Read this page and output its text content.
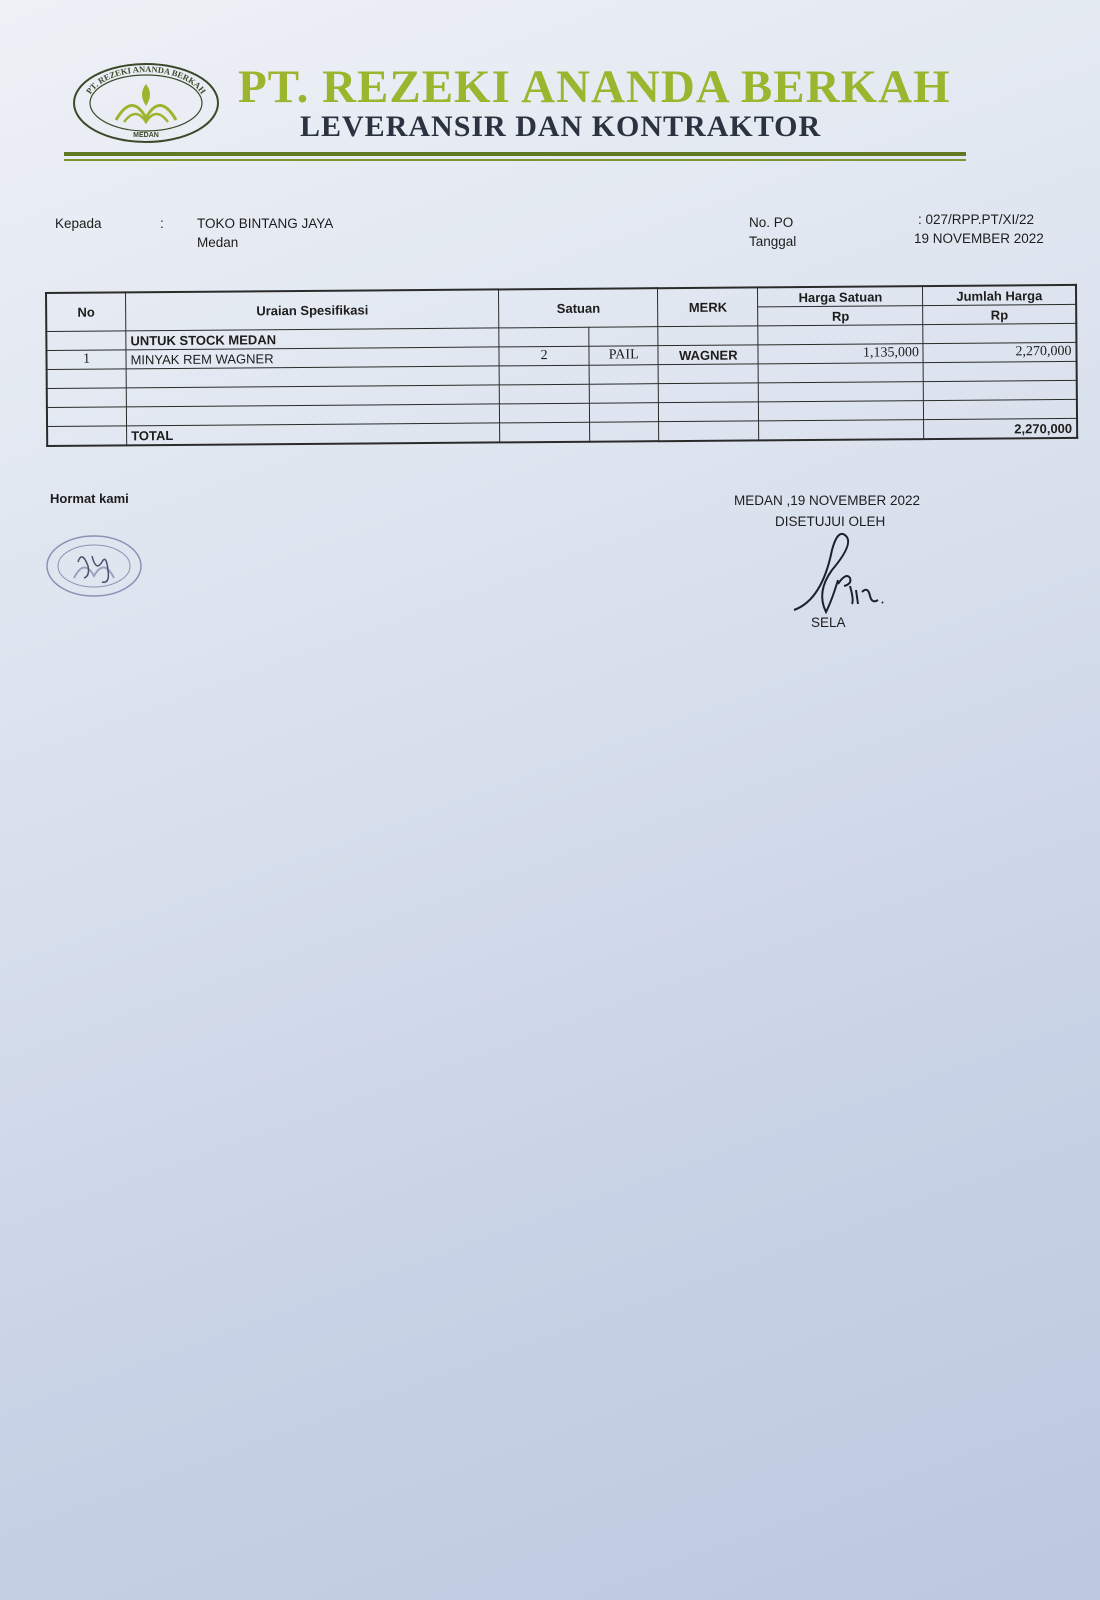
PT. REZEKI ANANDA BERKAH
MEDAN
PT. REZEKI ANANDA BERKAH
LEVERANSIR DAN KONTRAKTOR
Kepada	: TOKO BINTANG JAYA
Medan
No. PO	: 027/RPP.PT/XI/22
Tanggal	19 NOVEMBER 2022
No	Uraian Spesifikasi	Satuan		MERK	Harga Satuan	Jumlah Harga
					Rp	Rp
	UNTUK STOCK MEDAN					
1	MINYAK REM WAGNER	2	PAIL	WAGNER	1,135,000	2,270,000

	TOTAL					2,270,000
Hormat kami	MEDAN ,19 NOVEMBER 2022
DISETUJUI OLEH
SELA
